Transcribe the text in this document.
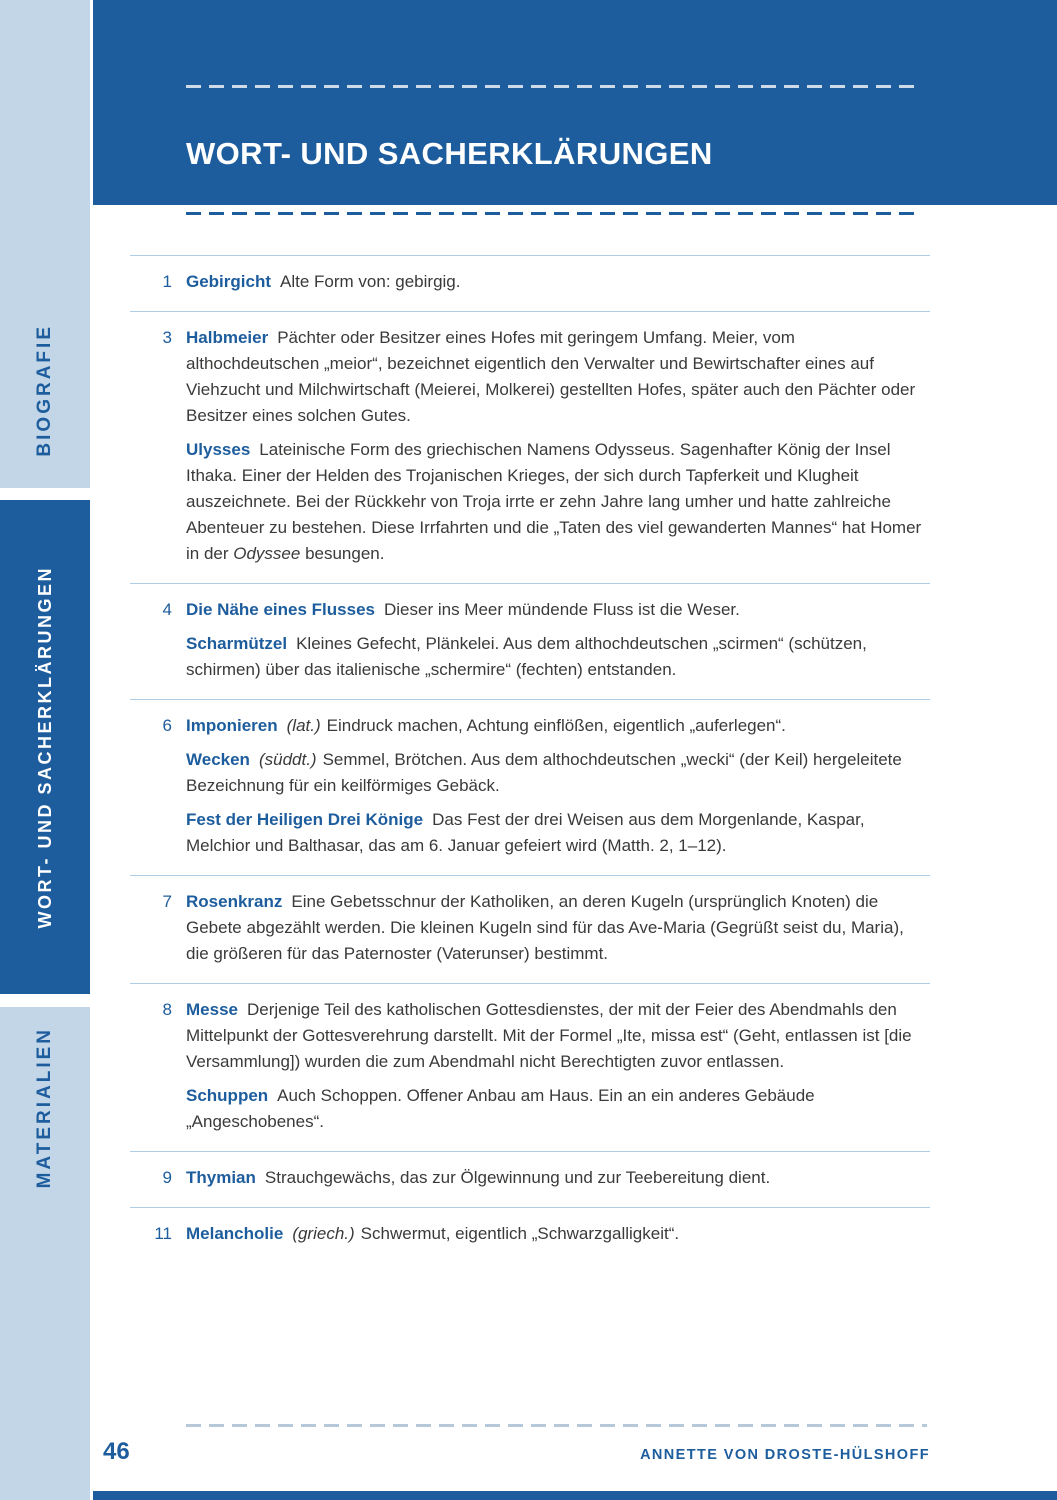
BIOGRAFIE
WORT- UND SACHERKLÄRUNGEN
MATERIALIEN
WORT- UND SACHERKLÄRUNGEN
1 Gebirgicht Alte Form von: gebirgig.

3 Halbmeier Pächter oder Besitzer eines Hofes mit geringem Umfang. Meier, vom althochdeutschen „meior“, bezeichnet eigentlich den Verwalter und Bewirtschafter eines auf Viehzucht und Milchwirtschaft (Meierei, Molkerei) gestellten Hofes, später auch den Pächter oder Besitzer eines solchen Gutes.

Ulysses Lateinische Form des griechischen Namens Odysseus. Sagenhafter König der Insel Ithaka. Einer der Helden des Trojanischen Krieges, der sich durch Tapferkeit und Klugheit auszeichnete. Bei der Rückkehr von Troja irrte er zehn Jahre lang umher und hatte zahlreiche Abenteuer zu bestehen. Diese Irrfahrten und die „Taten des viel gewanderten Mannes“ hat Homer in der Odyssee besungen.

4 Die Nähe eines Flusses Dieser ins Meer mündende Fluss ist die Weser.

Scharmützel Kleines Gefecht, Plänkelei. Aus dem althochdeutschen „scirmen“ (schützen, schirmen) über das italienische „schermire“ (fechten) entstanden.

6 Imponieren (lat.) Eindruck machen, Achtung einflößen, eigentlich „auferlegen“.

Wecken (süddt.) Semmel, Brötchen. Aus dem althochdeutschen „wecki“ (der Keil) hergeleitete Bezeichnung für ein keilförmiges Gebäck.

Fest der Heiligen Drei Könige Das Fest der drei Weisen aus dem Morgenlande, Kaspar, Melchior und Balthasar, das am 6. Januar gefeiert wird (Matth. 2, 1–12).

7 Rosenkranz Eine Gebetsschnur der Katholiken, an deren Kugeln (ursprünglich Knoten) die Gebete abgezählt werden. Die kleinen Kugeln sind für das Ave-Maria (Gegrüßt seist du, Maria), die größeren für das Paternoster (Vaterunser) bestimmt.

8 Messe Derjenige Teil des katholischen Gottesdienstes, der mit der Feier des Abendmahls den Mittelpunkt der Gottesverehrung darstellt. Mit der Formel „Ite, missa est“ (Geht, entlassen ist [die Versammlung]) wurden die zum Abendmahl nicht Berechtigten zuvor entlassen.

Schuppen Auch Schoppen. Offener Anbau am Haus. Ein an ein anderes Gebäude „Angeschobenes“.

9 Thymian Strauchgewächs, das zur Ölgewinnung und zur Teebereitung dient.

11 Melancholie (griech.) Schwermut, eigentlich „Schwarzgalligkeit“.

46	ANNETTE VON DROSTE-HÜLSHOFF
